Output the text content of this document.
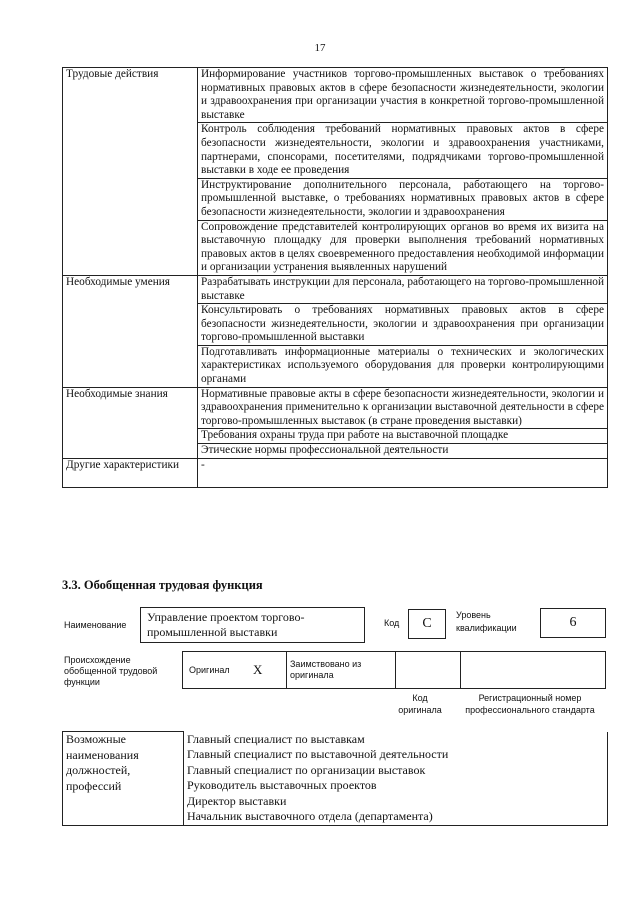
17
Трудовые действия	Информирование участников торгово-промышленных выставок о требованиях нормативных правовых актов в сфере безопасности жизнедеятельности, экологии и здравоохранения при организации участия в конкретной торгово-промышленной выставке
	Контроль соблюдения требований нормативных правовых актов в сфере безопасности жизнедеятельности, экологии и здравоохранения участниками, партнерами, спонсорами, посетителями, подрядчиками торгово-промышленной выставки в ходе ее проведения
	Инструктирование дополнительного персонала, работающего на торгово-промышленной выставке, о требованиях нормативных правовых актов в сфере безопасности жизнедеятельности, экологии и здравоохранения
	Сопровождение представителей контролирующих органов во время их визита на выставочную площадку для проверки выполнения требований нормативных правовых актов в целях своевременного предоставления необходимой информации и организации устранения выявленных нарушений
Необходимые умения	Разрабатывать инструкции для персонала, работающего на торгово-промышленной выставке
	Консультировать о требованиях нормативных правовых актов в сфере безопасности жизнедеятельности, экологии и здравоохранения при организации торгово-промышленной выставки
	Подготавливать информационные материалы о технических и экологических характеристиках используемого оборудования для проверки контролирующими органами
Необходимые знания	Нормативные правовые акты в сфере безопасности жизнедеятельности, экологии и здравоохранения применительно к организации выставочной деятельности в сфере торгово-промышленных выставок (в стране проведения выставки)
	Требования охраны труда при работе на выставочной площадке
	Этические нормы профессиональной деятельности
Другие характеристики	-
3.3. Обобщенная трудовая функция
Наименование
Управление проектом торгово-промышленной выставки
Код	C
Уровень
квалификации	6
Происхождение
обобщенной трудовой
функции
Оригинал	X	Заимствовано из
оригинала

Код
оригинала
Регистрационный номер
профессионального стандарта
Возможные
наименования
должностей,
профессий
	Главный специалист по выставкам
Главный специалист по выставочной деятельности
Главный специалист по организации выставок
Руководитель выставочных проектов
Директор выставки
Начальник выставочного отдела (департамента)
